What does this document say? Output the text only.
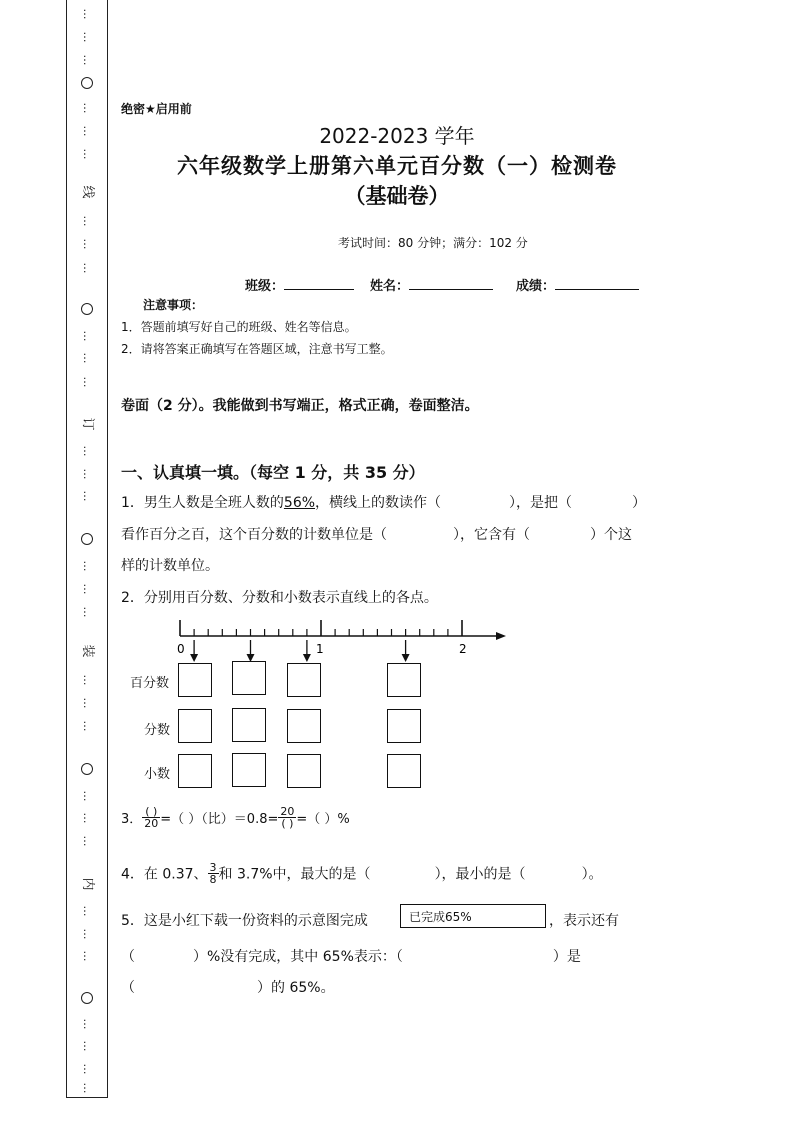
…
…
…
…
…
…
线
…
…
…
…
…
…
订
…
…
…
…
…
…
装
…
…
…
…
…
…
内
…
…
…
…
…
…
…
绝密★启用前
2022-2023 学年
六年级数学上册第六单元百分数（一）检测卷
（基础卷）
考试时间：80 分钟；满分：102 分
班级：	姓名：	成绩：
注意事项：
1．答题前填写好自己的班级、姓名等信息。
2．请将答案正确填写在答题区域，注意书写工整。
卷面（2 分）。我能做到书写端正，格式正确，卷面整洁。
一、认真填一填。（每空 1 分，共 35 分）
1．男生人数是全班人数的56%，横线上的数读作（	），是把（	）
看作百分之百，这个百分数的计数单位是（	），它含有（	）个这
样的计数单位。
2．分别用百分数、分数和小数表示直线上的各点。
0	1	2
百分数
分数
小数
3． $\frac{( )}{20}$ =（ ）（比）$=0.8= \frac{20}{( )}$ =（ ）%
4．在 0.37、 $\frac{3}{8}$ 和 3.7%中，最大的是（	），最小的是（	）。
5．这是小红下载一份资料的示意图完成	已完成65%	，表示还有
（	）%没有完成，其中 65%表示：（	）是
（	）的 65%。
